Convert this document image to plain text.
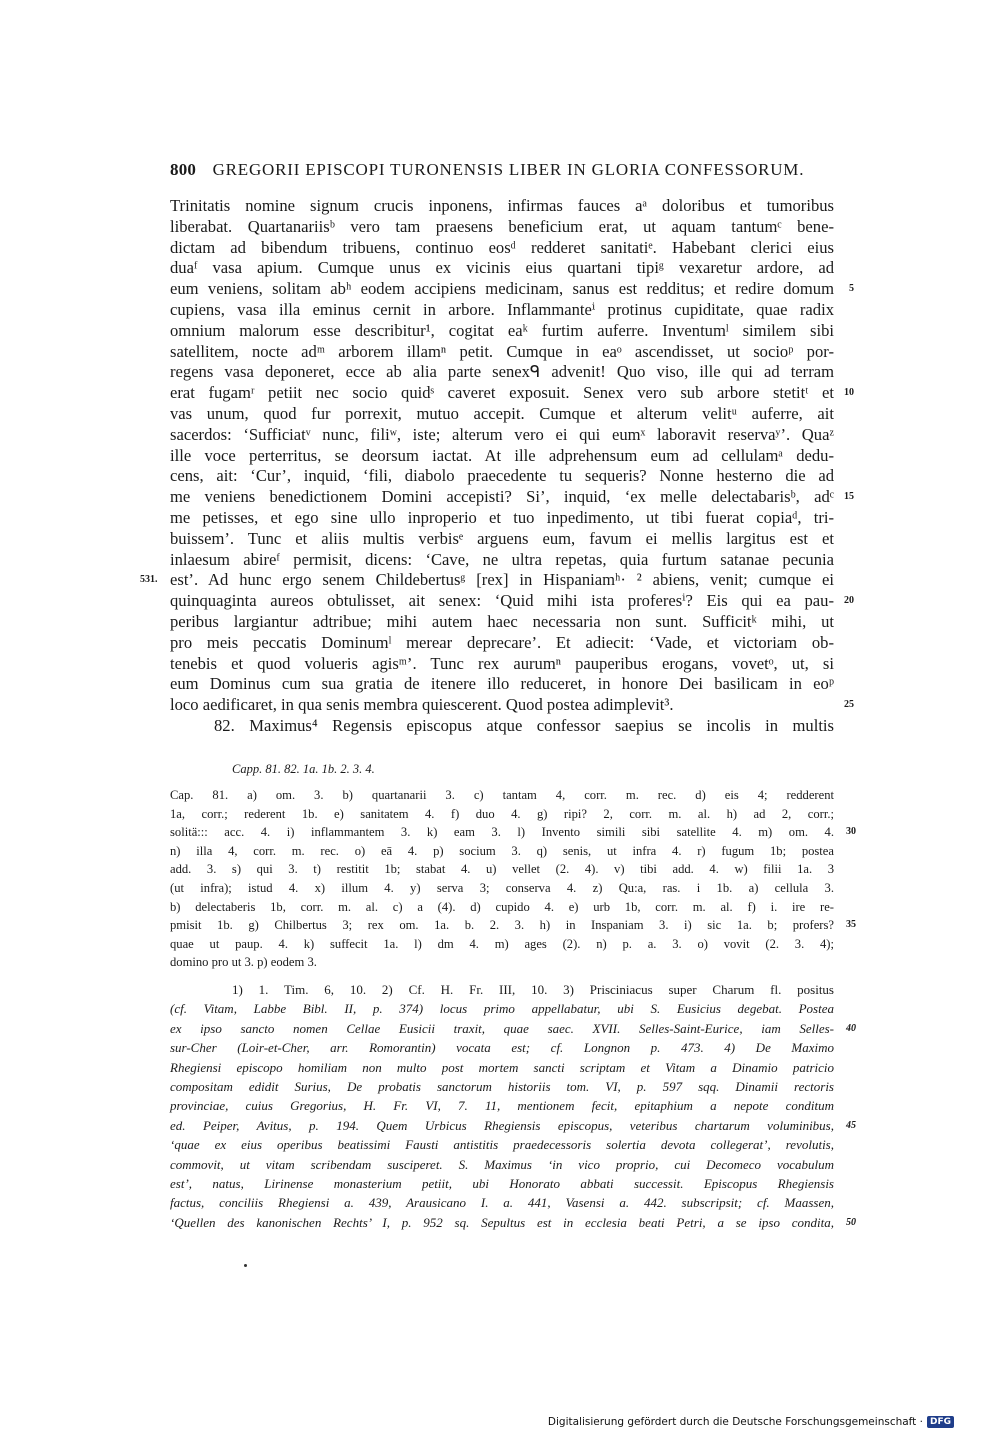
800 GREGORII EPISCOPI TURONENSIS LIBER IN GLORIA CONFESSORUM.
Trinitatis nomine signum crucis inponens, infirmas fauces aᵃ doloribus et tumoribus
liberabat. Quartanariisᵇ vero tam praesens beneficium erat, ut aquam tantumᶜ bene-
dictam ad bibendum tribuens, continuo eosᵈ redderet sanitatiᵉ. Habebant clerici eius
duaᶠ vasa apium. Cumque unus ex vicinis eius quartani tipiᵍ vexaretur ardore, ad
eum veniens, solitam abʰ eodem accipiens medicinam, sanus est redditus; et redire domum 5
cupiens, vasa illa eminus cernit in arbore. Inflammanteⁱ protinus cupiditate, quae radix
omnium malorum esse describitur¹, cogitat eaᵏ furtim auferre. Inventumˡ similem sibi
satellitem, nocte adᵐ arborem illamⁿ petit. Cumque in eaᵒ ascendisset, ut socioᵖ por-
regens vasa deponeret, ecce ab alia parte senexᑫ advenit! Quo viso, ille qui ad terram
erat fugamʳ petiit nec socio quidˢ caveret exposuit. Senex vero sub arbore stetitᵗ et 10
vas unum, quod fur porrexit, mutuo accepit. Cumque et alterum velitᵘ auferre, ait
sacerdos: ‘Sufficiatᵛ nunc, filiʷ, iste; alterum vero ei qui eumˣ laboravit reservaʸ’. Quaᶻ
ille voce perterritus, se deorsum iactat. At ille adprehensum eum ad cellulamᵃ dedu-
cens, ait: ‘Cur’, inquid, ‘fili, diabolo praecedente tu sequeris? Nonne hesterno die ad
me veniens benedictionem Domini accepisti? Si’, inquid, ‘ex melle delectabarisᵇ, adᶜ 15
me petisses, et ego sine ullo inproperio et tuo inpedimento, ut tibi fuerat copiaᵈ, tri-
buissem’. Tunc et aliis multis verbisᵉ arguens eum, favum ei mellis largitus est et
inlaesum abireᶠ permisit, dicens: ‘Cave, ne ultra repetas, quia furtum satanae pecunia
est’. Ad hunc ergo senem Childebertusᵍ [rex] in Hispaniamʰ· ² abiens, venit; cumque ei
531.
quinquaginta aureos obtulisset, ait senex: ‘Quid mihi ista proferesⁱ? Eis qui ea pau- 20
peribus largiantur adtribue; mihi autem haec necessaria non sunt. Sufficitᵏ mihi, ut
pro meis peccatis Dominumˡ merear deprecare’. Et adiecit: ‘Vade, et victoriam ob-
tenebis et quod volueris agisᵐ’. Tunc rex aurumⁿ pauperibus erogans, vovetᵒ, ut, si
eum Dominus cum sua gratia de itenere illo reduceret, in honore Dei basilicam in eoᵖ
loco aedificaret, in qua senis membra quiescerent. Quod postea adimplevit³.	25
82. Maximus⁴ Regensis episcopus atque confessor saepius se incolis in multis
Capp. 81. 82. 1a. 1b. 2. 3. 4.
Cap. 81. a) om. 3. b) quartanarii 3. c) tantam 4, corr. m. rec. d) eis 4; redderent
1a, corr.; rederent 1b. e) sanitatem 4. f) duo 4. g) ripi? 2, corr. m. al. h) ad 2, corr.;
solitä::: acc. 4. i) inflammantem 3. k) eam 3. l) Invento simili sibi satellite 4. m) om. 4. 30
n) illa 4, corr. m. rec. o) eā 4. p) socium 3. q) senis, ut infra 4. r) fugum 1b; postea
add. 3. s) qui 3. t) restitit 1b; stabat 4. u) vellet (2. 4). v) tibi add. 4. w) filii 1a. 3
(ut infra); istud 4. x) illum 4. y) serva 3; conserva 4. z) Qu:a, ras. i 1b. a) cellula 3.
b) delectaberis 1b, corr. m. al. c) a (4). d) cupido 4. e) urb 1b, corr. m. al. f) i. ire re-
pmisit 1b. g) Chilbertus 3; rex om. 1a. b. 2. 3. h) in Inspaniam 3. i) sic 1a. b; profers? 35
quae ut paup. 4. k) suffecit 1a. l) dm 4. m) ages (2). n) p. a. 3. o) vovit (2. 3. 4);
domino pro ut 3. p) eodem 3.
1) 1. Tim. 6, 10. 2) Cf. H. Fr. III, 10. 3) Prisciniacus super Charum fl. positus
(cf. Vitam, Labbe Bibl. II, p. 374) locus primo appellabatur, ubi S. Eusicius degebat. Postea
ex ipso sancto nomen Cellae Eusicii traxit, quae saec. XVII. Selles-Saint-Eurice, iam Selles- 40
sur-Cher (Loir-et-Cher, arr. Romorantin) vocata est; cf. Longnon p. 473. 4) De Maximo
Rhegiensi episcopo homiliam non multo post mortem sancti scriptam et Vitam a Dinamio patricio
compositam edidit Surius, De probatis sanctorum historiis tom. VI, p. 597 sqq. Dinamii rectoris
provinciae, cuius Gregorius, H. Fr. VI, 7. 11, mentionem fecit, epitaphium a nepote conditum
ed. Peiper, Avitus, p. 194. Quem Urbicus Rhegiensis episcopus, veteribus chartarum voluminibus, 45
‘quae ex eius operibus beatissimi Fausti antistitis praedecessoris solertia devota collegerat’, revolutis,
commovit, ut vitam scribendam susciperet. S. Maximus ‘in vico proprio, cui Decomeco vocabulum
est’, natus, Lirinense monasterium petiit, ubi Honorato abbati successit. Episcopus Rhegiensis
factus, conciliis Rhegiensi a. 439, Arausicano I. a. 441, Vasensi a. 442. subscripsit; cf. Maassen,
‘Quellen des kanonischen Rechts’ I, p. 952 sq. Sepultus est in ecclesia beati Petri, a se ipso condita, 50
Digitalisierung gefördert durch die Deutsche Forschungsgemeinschaft · DFG
